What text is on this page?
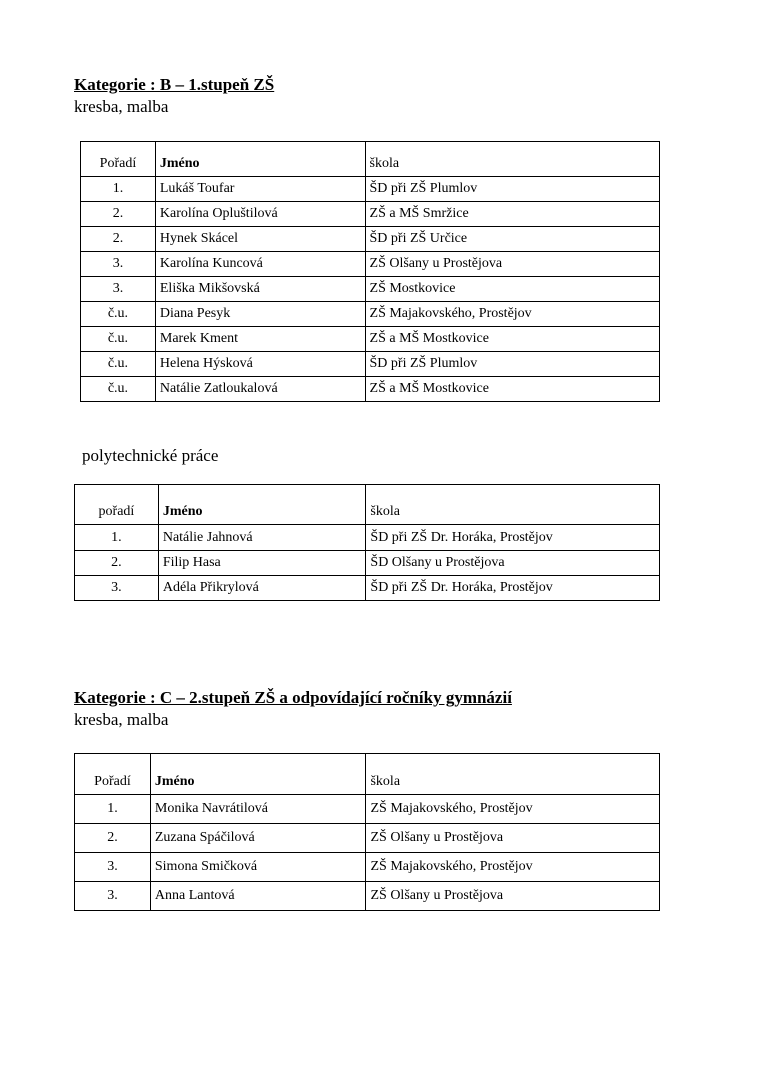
Kategorie : B – 1.stupeň ZŠ
kresba, malba
Pořadí	Jméno	škola
1.	Lukáš Toufar	ŠD při ZŠ Plumlov
2.	Karolína Opluštilová	ZŠ a MŠ Smržice
2.	Hynek Skácel	ŠD při ZŠ Určice
3.	Karolína Kuncová	ZŠ Olšany u Prostějova
3.	Eliška Mikšovská	ZŠ Mostkovice
č.u.	Diana Pesyk	ZŠ Majakovského, Prostějov
č.u.	Marek Kment	ZŠ a MŠ Mostkovice
č.u.	Helena Hýsková	ŠD při ZŠ Plumlov
č.u.	Natálie Zatloukalová	ZŠ a MŠ Mostkovice
polytechnické práce
pořadí	Jméno	škola
1.	Natálie Jahnová	ŠD při ZŠ Dr. Horáka, Prostějov
2.	Filip Hasa	ŠD Olšany u Prostějova
3.	Adéla Přikrylová	ŠD při ZŠ Dr. Horáka, Prostějov
Kategorie : C – 2.stupeň ZŠ a odpovídající ročníky gymnázií
kresba, malba
Pořadí	Jméno	škola
1.	Monika Navrátilová	ZŠ Majakovského, Prostějov
2.	Zuzana Spáčilová	ZŠ Olšany u Prostějova
3.	Simona Smičková	ZŠ Majakovského, Prostějov
3.	Anna Lantová	ZŠ Olšany u Prostějova
